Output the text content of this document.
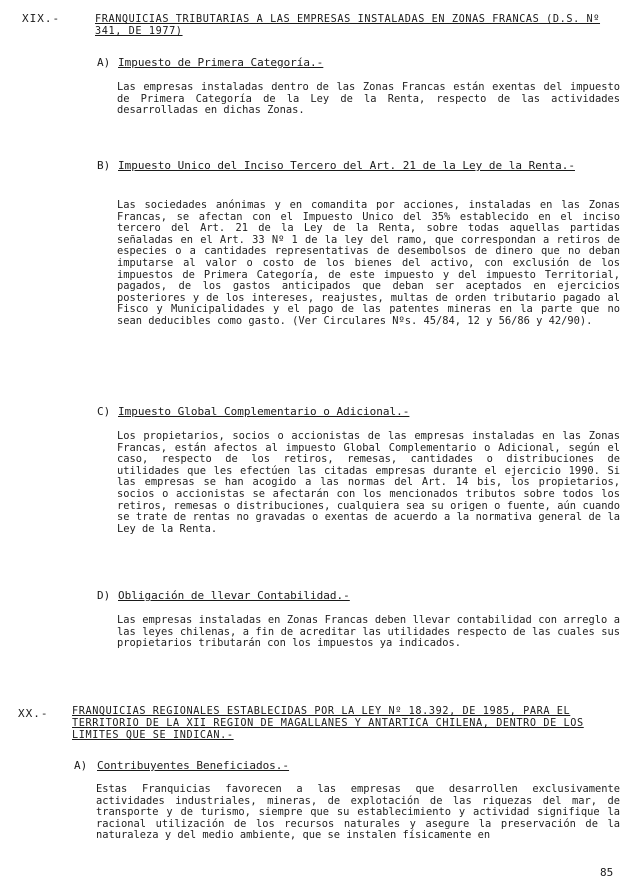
XIX.-	FRANQUICIAS TRIBUTARIAS A LAS EMPRESAS INSTALADAS EN ZONAS FRANCAS (D.S. Nº 341, DE 1977)
A) Impuesto de Primera Categoría.-
Las empresas instaladas dentro de las Zonas Francas están exentas del impuesto de Primera Categoría de la Ley de la Renta, respecto de las actividades desarrolladas en dichas Zonas.
B) Impuesto Unico del Inciso Tercero del Art. 21 de la Ley de la Renta.-
Las sociedades anónimas y en comandita por acciones, instaladas en las Zonas Francas, se afectan con el Impuesto Unico del 35% establecido en el inciso tercero del Art. 21 de la Ley de la Renta, sobre todas aquellas partidas señaladas en el Art. 33 Nº 1 de la ley del ramo, que correspondan a retiros de especies o a cantidades representativas de desembolsos de dinero que no deban imputarse al valor o costo de los bienes del activo, con exclusión de los impuestos de Primera Categoría, de este impuesto y del impuesto Territorial, pagados, de los gastos anticipados que deban ser aceptados en ejercicios posteriores y de los intereses, reajustes, multas de orden tributario pagado al Fisco y Municipalidades y el pago de las patentes mineras en la parte que no sean deducibles como gasto. (Ver Circulares Nºs. 45/84, 12 y 56/86 y 42/90).
C) Impuesto Global Complementario o Adicional.-
Los propietarios, socios o accionistas de las empresas instaladas en las Zonas Francas, están afectos al impuesto Global Complementario o Adicional, según el caso, respecto de los retiros, remesas, cantidades o distribuciones de utilidades que les efectúen las citadas empresas durante el ejercicio 1990. Si las empresas se han acogido a las normas del Art. 14 bis, los propietarios, socios o accionistas se afectarán con los mencionados tributos sobre todos los retiros, remesas o distribuciones, cualquiera sea su origen o fuente, aún cuando se trate de rentas no gravadas o exentas de acuerdo a la normativa general de la Ley de la Renta.
D) Obligación de llevar Contabilidad.-
Las empresas instaladas en Zonas Francas deben llevar contabilidad con arreglo a las leyes chilenas, a fin de acreditar las utilidades respecto de las cuales sus propietarios tributarán con los impuestos ya indicados.
XX.- FRANQUICIAS REGIONALES ESTABLECIDAS POR LA LEY Nº 18.392, DE 1985, PARA EL TERRITORIO DE LA XII REGION DE MAGALLANES Y ANTARTICA CHILENA, DENTRO DE LOS LIMITES QUE SE INDICAN.-
A) Contribuyentes Beneficiados.-
Estas Franquicias favorecen a las empresas que desarrollen exclusivamente actividades industriales, mineras, de explotación de las riquezas del mar, de transporte y de turismo, siempre que su establecimiento y actividad signifique la racional utilización de los recursos naturales y asegure la preservación de la naturaleza y del medio ambiente, que se instalen físicamente en
85
